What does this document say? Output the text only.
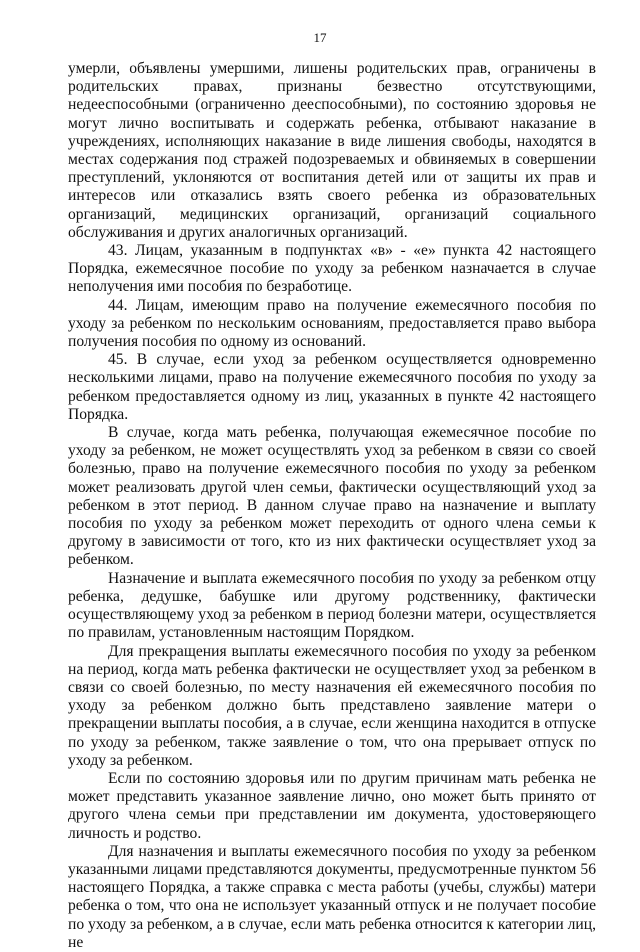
17

умерли, объявлены умершими, лишены родительских прав, ограничены в родительских правах, признаны безвестно отсутствующими, недееспособными (ограниченно дееспособными), по состоянию здоровья не могут лично воспитывать и содержать ребенка, отбывают наказание в учреждениях, исполняющих наказание в виде лишения свободы, находятся в местах содержания под стражей подозреваемых и обвиняемых в совершении преступлений, уклоняются от воспитания детей или от защиты их прав и интересов или отказались взять своего ребенка из образовательных организаций, медицинских организаций, организаций социального обслуживания и других аналогичных организаций.

43. Лицам, указанным в подпунктах «в» - «е» пункта 42 настоящего Порядка, ежемесячное пособие по уходу за ребенком назначается в случае неполучения ими пособия по безработице.

44. Лицам, имеющим право на получение ежемесячного пособия по уходу за ребенком по нескольким основаниям, предоставляется право выбора получения пособия по одному из оснований.

45. В случае, если уход за ребенком осуществляется одновременно несколькими лицами, право на получение ежемесячного пособия по уходу за ребенком предоставляется одному из лиц, указанных в пункте 42 настоящего Порядка.

В случае, когда мать ребенка, получающая ежемесячное пособие по уходу за ребенком, не может осуществлять уход за ребенком в связи со своей болезнью, право на получение ежемесячного пособия по уходу за ребенком может реализовать другой член семьи, фактически осуществляющий уход за ребенком в этот период. В данном случае право на назначение и выплату пособия по уходу за ребенком может переходить от одного члена семьи к другому в зависимости от того, кто из них фактически осуществляет уход за ребенком.

Назначение и выплата ежемесячного пособия по уходу за ребенком отцу ребенка, дедушке, бабушке или другому родственнику, фактически осуществляющему уход за ребенком в период болезни матери, осуществляется по правилам, установленным настоящим Порядком.

Для прекращения выплаты ежемесячного пособия по уходу за ребенком на период, когда мать ребенка фактически не осуществляет уход за ребенком в связи со своей болезнью, по месту назначения ей ежемесячного пособия по уходу за ребенком должно быть представлено заявление матери о прекращении выплаты пособия, а в случае, если женщина находится в отпуске по уходу за ребенком, также заявление о том, что она прерывает отпуск по уходу за ребенком.

Если по состоянию здоровья или по другим причинам мать ребенка не может представить указанное заявление лично, оно может быть принято от другого члена семьи при представлении им документа, удостоверяющего личность и родство.

Для назначения и выплаты ежемесячного пособия по уходу за ребенком указанными лицами представляются документы, предусмотренные пунктом 56 настоящего Порядка, а также справка с места работы (учебы, службы) матери ребенка о том, что она не использует указанный отпуск и не получает пособие по уходу за ребенком, а в случае, если мать ребенка относится к категории лиц, не
